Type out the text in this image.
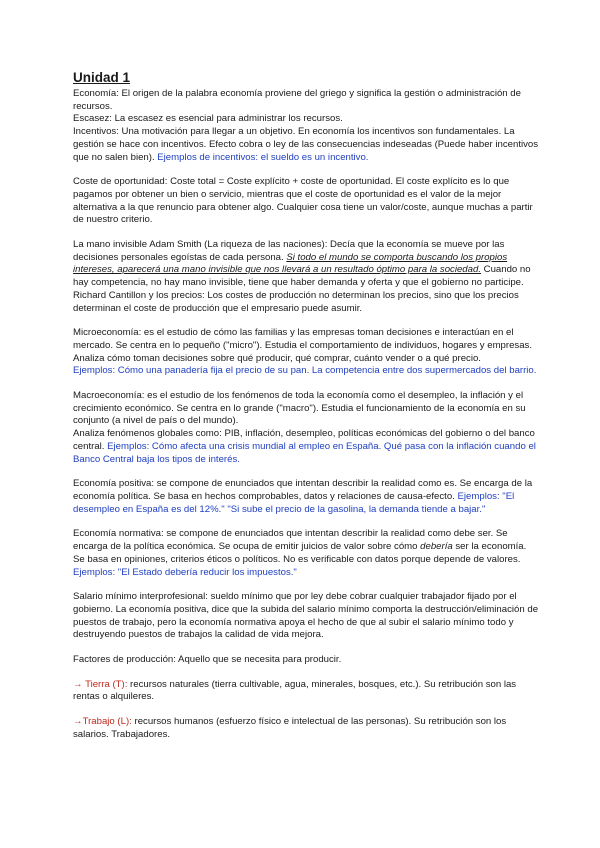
Unidad 1

Economía: El origen de la palabra economía proviene del griego y significa la gestión o administración de recursos.

Escasez: La escasez es esencial para administrar los recursos.

Incentivos: Una motivación para llegar a un objetivo. En economía los incentivos son fundamentales. La gestión se hace con incentivos. Efecto cobra o ley de las consecuencias indeseadas (Puede haber incentivos que no salen bien). Ejemplos de incentivos: el sueldo es un incentivo.

Coste de oportunidad: Coste total = Coste explícito + coste de oportunidad. El coste explícito es lo que pagamos por obtener un bien o servicio, mientras que el coste de oportunidad es el valor de la mejor alternativa a la que renuncio para obtener algo. Cualquier cosa tiene un valor/coste, aunque muchas a partir de nuestro criterio.

La mano invisible Adam Smith (La riqueza de las naciones): Decía que la economía se mueve por las decisiones personales egoístas de cada persona. Si todo el mundo se comporta buscando los propios intereses, aparecerá una mano invisible que nos llevará a un resultado óptimo para la sociedad. Cuando no hay competencia, no hay mano invisible, tiene que haber demanda y oferta y que el gobierno no participe.

Richard Cantillon y los precios: Los costes de producción no determinan los precios, sino que los precios determinan el coste de producción que el empresario puede asumir.

Microeconomía: es el estudio de cómo las familias y las empresas toman decisiones e interactúan en el mercado. Se centra en lo pequeño ("micro"). Estudia el comportamiento de individuos, hogares y empresas. Analiza cómo toman decisiones sobre qué producir, qué comprar, cuánto vender o a qué precio.

Ejemplos: Cómo una panadería fija el precio de su pan. La competencia entre dos supermercados del barrio.

Macroeconomía: es el estudio de los fenómenos de toda la economía como el desempleo, la inflación y el crecimiento económico. Se centra en lo grande ("macro"). Estudia el funcionamiento de la economía en su conjunto (a nivel de país o del mundo).

Analiza fenómenos globales como: PIB, inflación, desempleo, políticas económicas del gobierno o del banco central. Ejemplos: Cómo afecta una crisis mundial al empleo en España. Qué pasa con la inflación cuando el Banco Central baja los tipos de interés.

Economía positiva: se compone de enunciados que intentan describir la realidad como es. Se encarga de la economía política. Se basa en hechos comprobables, datos y relaciones de causa-efecto. Ejemplos: "El desempleo en España es del 12%." "Si sube el precio de la gasolina, la demanda tiende a bajar."

Economía normativa: se compone de enunciados que intentan describir la realidad como debe ser. Se encarga de la política económica. Se ocupa de emitir juicios de valor sobre cómo debería ser la economía. Se basa en opiniones, criterios éticos o políticos. No es verificable con datos porque depende de valores.

Ejemplos: "El Estado debería reducir los impuestos."

Salario mínimo interprofesional: sueldo mínimo que por ley debe cobrar cualquier trabajador fijado por el gobierno. La economía positiva, dice que la subida del salario mínimo comporta la destrucción/eliminación de puestos de trabajo, pero la economía normativa apoya el hecho de que al subir el salario mínimo todo y destruyendo puestos de trabajos la calidad de vida mejora.

Factores de producción: Aquello que se necesita para producir.

→ Tierra (T): recursos naturales (tierra cultivable, agua, minerales, bosques, etc.). Su retribución son las rentas o alquileres.

→Trabajo (L): recursos humanos (esfuerzo físico e intelectual de las personas). Su retribución son los salarios. Trabajadores.
